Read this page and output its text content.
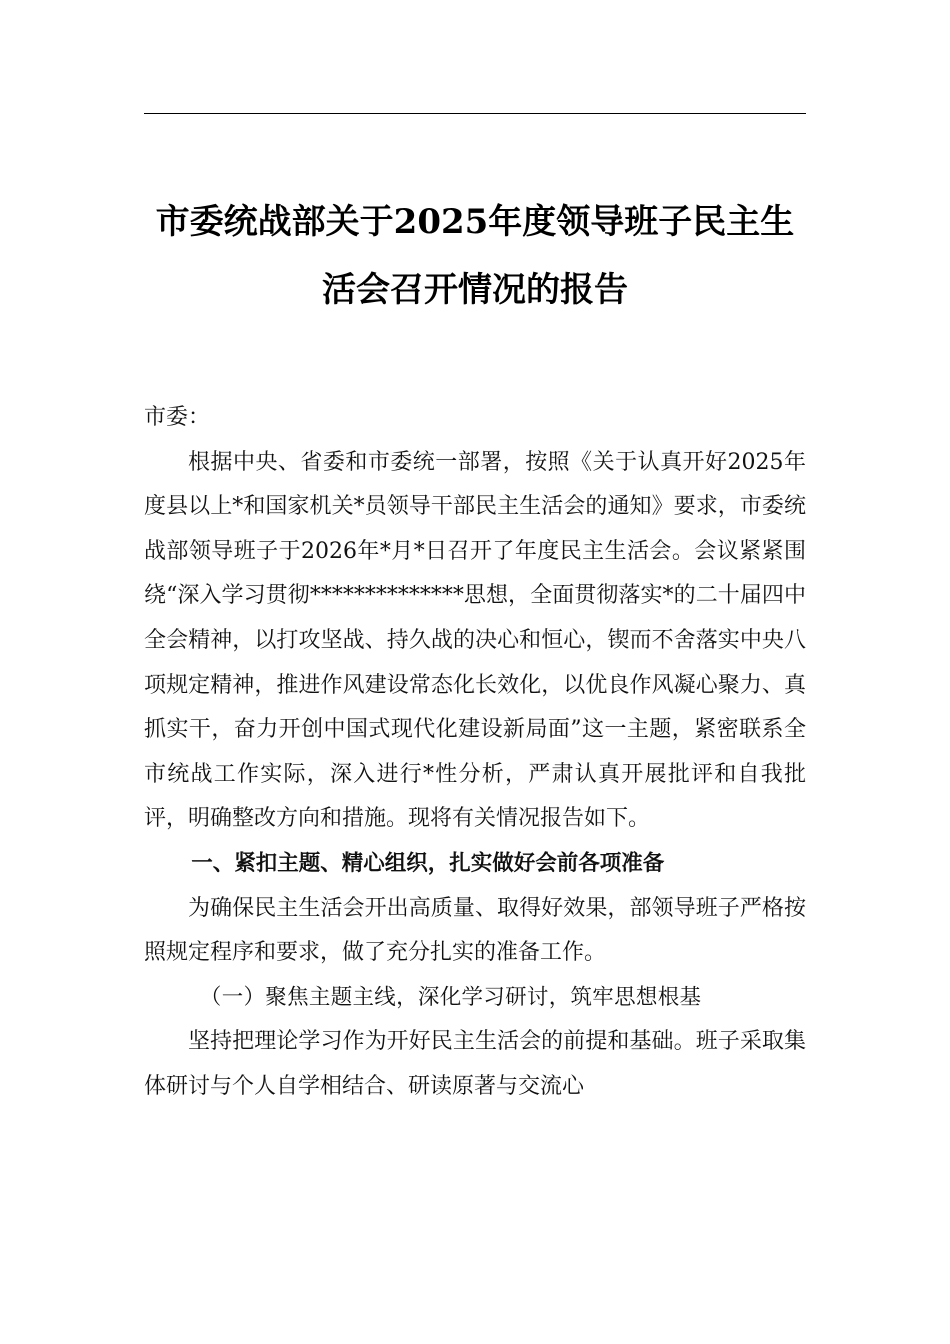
市委统战部关于2025年度领导班子民主生
活会召开情况的报告

市委：

根据中央、省委和市委统一部署，按照《关于认真开好2025年度县以上*和国家机关*员领导干部民主生活会的通知》要求，市委统战部领导班子于2026年*月*日召开了年度民主生活会。会议紧紧围绕“深入学习贯彻**************思想，全面贯彻落实*的二十届四中全会精神，以打攻坚战、持久战的决心和恒心，锲而不舍落实中央八项规定精神，推进作风建设常态化长效化，以优良作风凝心聚力、真抓实干，奋力开创中国式现代化建设新局面”这一主题，紧密联系全市统战工作实际，深入进行*性分析，严肃认真开展批评和自我批评，明确整改方向和措施。现将有关情况报告如下。

一、紧扣主题、精心组织，扎实做好会前各项准备

为确保民主生活会开出高质量、取得好效果，部领导班子严格按照规定程序和要求，做了充分扎实的准备工作。

（一）聚焦主题主线，深化学习研讨，筑牢思想根基

坚持把理论学习作为开好民主生活会的前提和基础。班子采取集体研讨与个人自学相结合、研读原著与交流心
